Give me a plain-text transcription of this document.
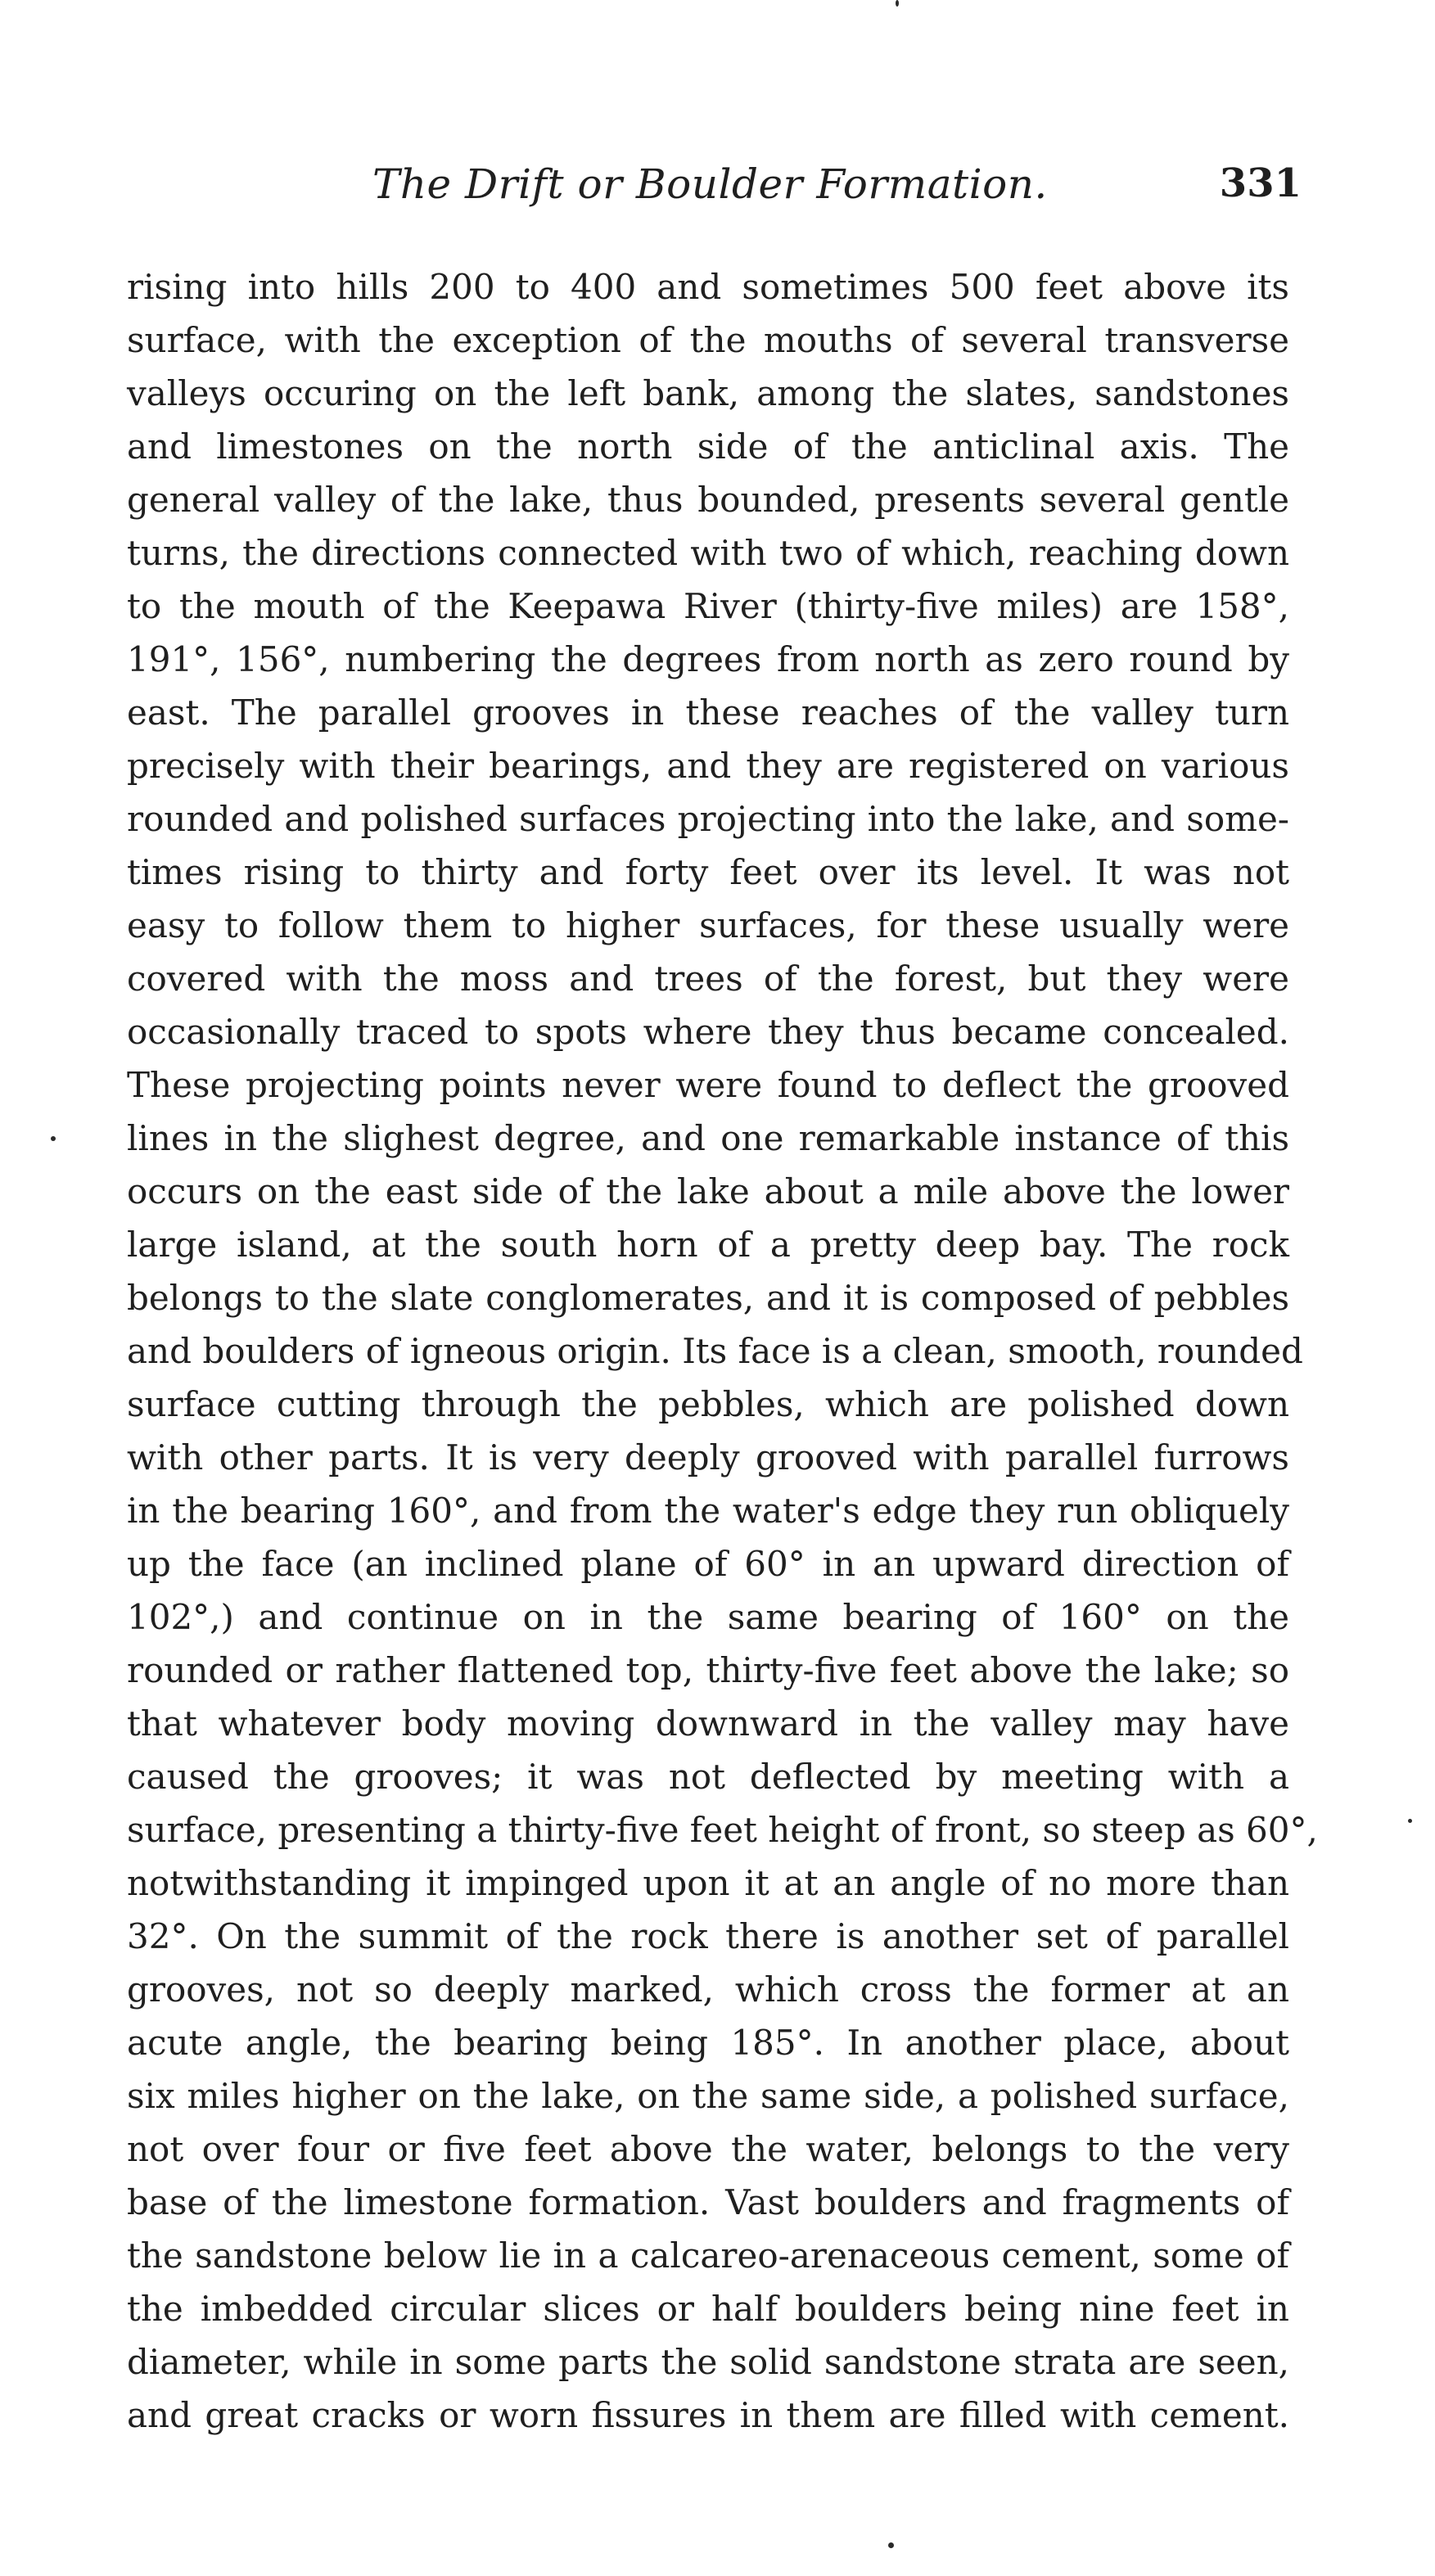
The Drift or Boulder Formation.	331
rising into hills 200 to 400 and sometimes 500 feet above its
surface, with the exception of the mouths of several transverse
valleys occuring on the left bank, among the slates, sandstones
and limestones on the north side of the anticlinal axis. The
general valley of the lake, thus bounded, presents several gentle
turns, the directions connected with two of which, reaching down
to the mouth of the Keepawa River (thirty-five miles) are 158°,
191°, 156°, numbering the degrees from north as zero round by
east. The parallel grooves in these reaches of the valley turn
precisely with their bearings, and they are registered on various
rounded and polished surfaces projecting into the lake, and some-
times rising to thirty and forty feet over its level. It was not
easy to follow them to higher surfaces, for these usually were
covered with the moss and trees of the forest, but they were
occasionally traced to spots where they thus became concealed.
These projecting points never were found to deflect the grooved
lines in the slighest degree, and one remarkable instance of this
occurs on the east side of the lake about a mile above the lower
large island, at the south horn of a pretty deep bay. The rock
belongs to the slate conglomerates, and it is composed of pebbles
and boulders of igneous origin. Its face is a clean, smooth, rounded
surface cutting through the pebbles, which are polished down
with other parts. It is very deeply grooved with parallel furrows
in the bearing 160°, and from the water's edge they run obliquely
up the face (an inclined plane of 60° in an upward direction of
102°,) and continue on in the same bearing of 160° on the
rounded or rather flattened top, thirty-five feet above the lake; so
that whatever body moving downward in the valley may have
caused the grooves; it was not deflected by meeting with a
surface, presenting a thirty-five feet height of front, so steep as 60°,
notwithstanding it impinged upon it at an angle of no more than
32°. On the summit of the rock there is another set of parallel
grooves, not so deeply marked, which cross the former at an
acute angle, the bearing being 185°. In another place, about
six miles higher on the lake, on the same side, a polished surface,
not over four or five feet above the water, belongs to the very
base of the limestone formation. Vast boulders and fragments of
the sandstone below lie in a calcareo-arenaceous cement, some of
the imbedded circular slices or half boulders being nine feet in
diameter, while in some parts the solid sandstone strata are seen,
and great cracks or worn fissures in them are filled with cement.
